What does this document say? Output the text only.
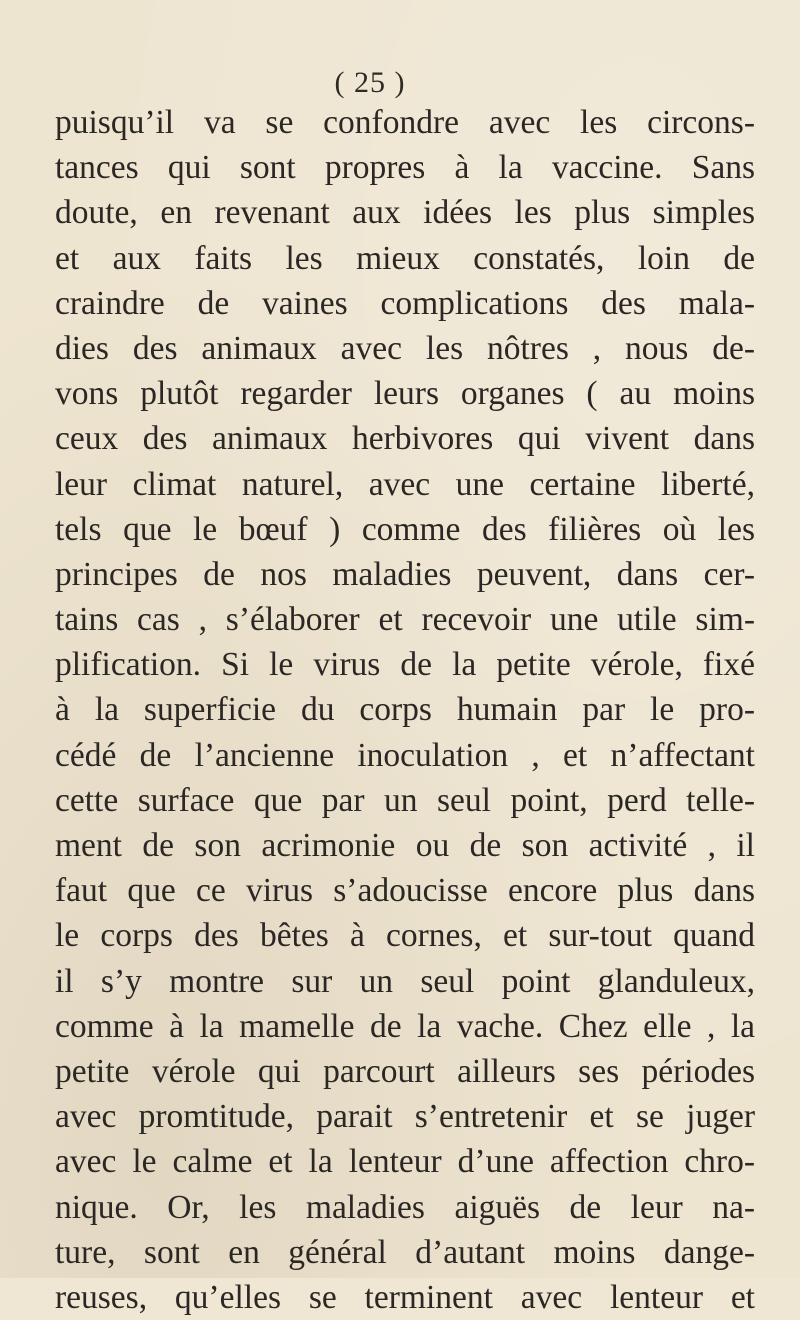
( 25 )
puisqu’il va se confondre avec les circons-
tances qui sont propres à la vaccine. Sans
doute, en revenant aux idées les plus simples
et aux faits les mieux constatés, loin de
craindre de vaines complications des mala-
dies des animaux avec les nôtres , nous de-
vons plutôt regarder leurs organes ( au moins
ceux des animaux herbivores qui vivent dans
leur climat naturel, avec une certaine liberté,
tels que le bœuf ) comme des filières où les
principes de nos maladies peuvent, dans cer-
tains cas , s’élaborer et recevoir une utile sim-
plification. Si le virus de la petite vérole, fixé
à la superficie du corps humain par le pro-
cédé de l’ancienne inoculation , et n’affectant
cette surface que par un seul point, perd telle-
ment de son acrimonie ou de son activité , il
faut que ce virus s’adoucisse encore plus dans
le corps des bêtes à cornes, et sur-tout quand
il s’y montre sur un seul point glanduleux,
comme à la mamelle de la vache. Chez elle , la
petite vérole qui parcourt ailleurs ses périodes
avec promtitude, parait s’entretenir et se juger
avec le calme et la lenteur d’une affection chro-
nique. Or, les maladies aiguës de leur na-
ture, sont en général d’autant moins dange-
reuses, qu’elles se terminent avec lenteur et
